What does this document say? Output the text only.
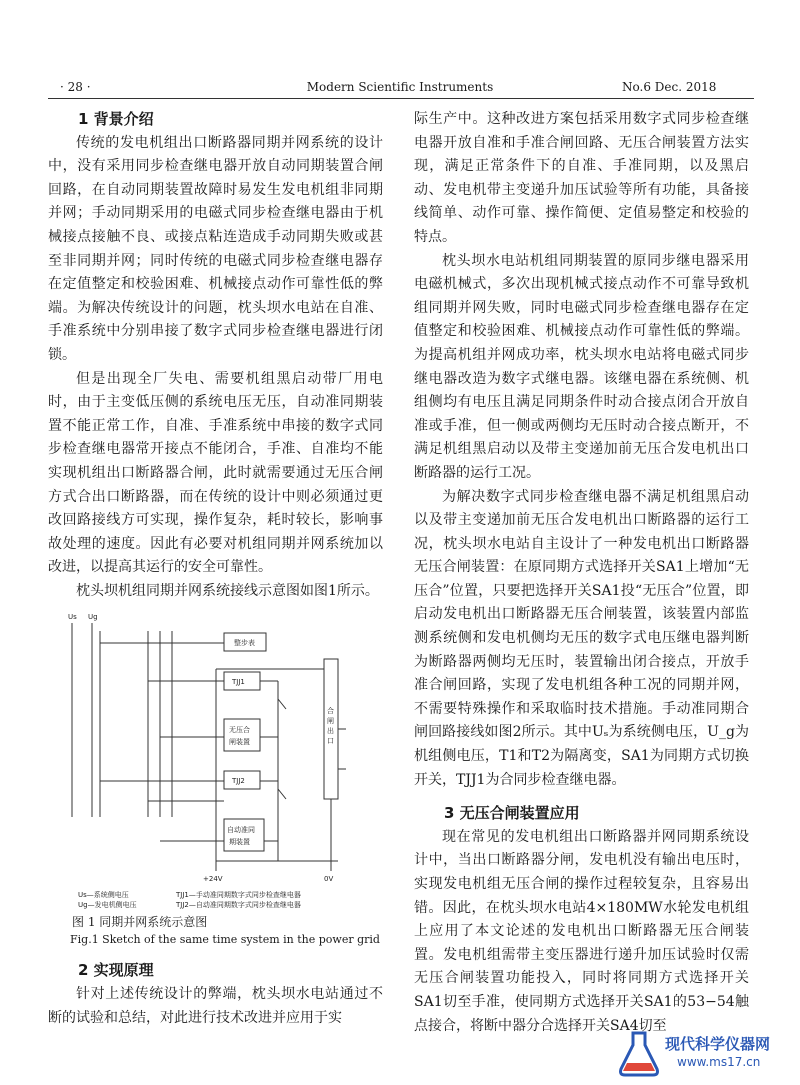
· 28 ·	Modern Scientific Instruments	No.6 Dec. 2018

1 背景介绍

传统的发电机组出口断路器同期并网系统的设计中，没有采用同步检查继电器开放自动同期装置合闸回路，在自动同期装置故障时易发生发电机组非同期并网；手动同期采用的电磁式同步检查继电器由于机械接点接触不良、或接点粘连造成手动同期失败或甚至非同期并网；同时传统的电磁式同步检查继电器存在定值整定和校验困难、机械接点动作可靠性低的弊端。为解决传统设计的问题，枕头坝水电站在自准、手准系统中分别串接了数字式同步检查继电器进行闭锁。

但是出现全厂失电、需要机组黑启动带厂用电时，由于主变低压侧的系统电压无压，自动准同期装置不能正常工作，自准、手准系统中串接的数字式同步检查继电器常开接点不能闭合，手准、自准均不能实现机组出口断路器合闸，此时就需要通过无压合闸方式合出口断路器，而在传统的设计中则必须通过更改回路接线方可实现，操作复杂，耗时较长，影响事故处理的速度。因此有必要对机组同期并网系统加以改进，以提高其运行的安全可靠性。

枕头坝机组同期并网系统接线示意图如图1所示。

Us Ug
整步表
TJJ1
无压合
闸装置
TJJ2
自动准同
期装置
合
闸
出
口
+24V	0V
Us—系统侧电压
Ug—发电机侧电压
TJJ1—手动准同期数字式同步检查继电器
TJJ2—自动准同期数字式同步检查继电器

图 1 同期并网系统示意图

Fig.1 Sketch of the same time system in the power grid

2 实现原理

针对上述传统设计的弊端，枕头坝水电站通过不断的试验和总结，对此进行技术改进并应用于实

际生产中。这种改进方案包括采用数字式同步检查继电器开放自准和手准合闸回路、无压合闸装置方法实现，满足正常条件下的自准、手准同期，以及黑启动、发电机带主变递升加压试验等所有功能，具备接线简单、动作可靠、操作简便、定值易整定和校验的特点。

枕头坝水电站机组同期装置的原同步继电器采用电磁机械式，多次出现机械式接点动作不可靠导致机组同期并网失败，同时电磁式同步检查继电器存在定值整定和校验困难、机械接点动作可靠性低的弊端。为提高机组并网成功率，枕头坝水电站将电磁式同步继电器改造为数字式继电器。该继电器在系统侧、机组侧均有电压且满足同期条件时动合接点闭合开放自准或手准，但一侧或两侧均无压时动合接点断开，不满足机组黑启动以及带主变递加前无压合发电机出口断路器的运行工况。

为解决数字式同步检查继电器不满足机组黑启动以及带主变递加前无压合发电机出口断路器的运行工况，枕头坝水电站自主设计了一种发电机出口断路器无压合闸装置：在原同期方式选择开关SA1上增加“无压合”位置，只要把选择开关SA1投“无压合”位置，即启动发电机出口断路器无压合闸装置，该装置内部监测系统侧和发电机侧均无压的数字式电压继电器判断为断路器两侧均无压时，装置输出闭合接点，开放手准合闸回路，实现了发电机组各种工况的同期并网，不需要特殊操作和采取临时技术措施。手动准同期合闸回路接线如图2所示。其中Uₛ为系统侧电压，U_g为机组侧电压，T1和T2为隔离变，SA1为同期方式切换开关，TJJ1为合同步检查继电器。

3 无压合闸装置应用

现在常见的发电机组出口断路器并网同期系统设计中，当出口断路器分闸，发电机没有输出电压时，实现发电机组无压合闸的操作过程较复杂，且容易出错。因此，在枕头坝水电站4×180MW水轮发电机组上应用了本文论述的发电机出口断路器无压合闸装置。发电机组需带主变压器进行递升加压试验时仅需无压合闸装置功能投入，同时将同期方式选择开关SA1切至手准，使同期方式选择开关SA1的53−54触点接合，将断中器分合选择开关SA4切至

现代科学仪器网
www.ms17.cn
